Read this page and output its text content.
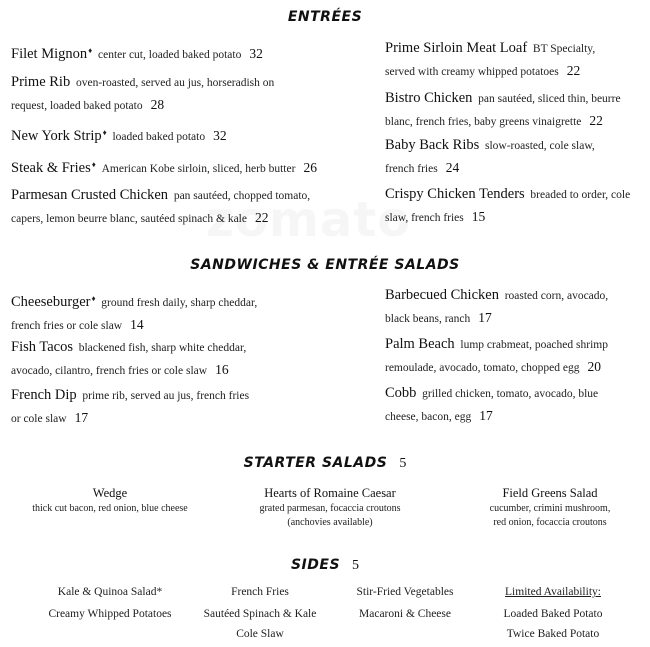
ENTRÉES
Filet Mignon♦ center cut, loaded baked potato 32
Prime Rib oven-roasted, served au jus, horseradish on request, loaded baked potato 28
New York Strip♦ loaded baked potato 32
Steak & Fries♦ American Kobe sirloin, sliced, herb butter 26
Parmesan Crusted Chicken pan sautéed, chopped tomato, capers, lemon beurre blanc, sautéed spinach & kale 22
Prime Sirloin Meat Loaf BT Specialty, served with creamy whipped potatoes 22
Bistro Chicken pan sautéed, sliced thin, beurre blanc, french fries, baby greens vinaigrette 22
Baby Back Ribs slow-roasted, cole slaw, french fries 24
Crispy Chicken Tenders breaded to order, cole slaw, french fries 15
SANDWICHES & ENTRÉE SALADS
Cheeseburger♦ ground fresh daily, sharp cheddar, french fries or cole slaw 14
Fish Tacos blackened fish, sharp white cheddar, avocado, cilantro, french fries or cole slaw 16
French Dip prime rib, served au jus, french fries or cole slaw 17
Barbecued Chicken roasted corn, avocado, black beans, ranch 17
Palm Beach lump crabmeat, poached shrimp remoulade, avocado, tomato, chopped egg 20
Cobb grilled chicken, tomato, avocado, blue cheese, bacon, egg 17
STARTER SALADS 5
Wedge
thick cut bacon, red onion, blue cheese
Hearts of Romaine Caesar
grated parmesan, focaccia croutons
(anchovies available)
Field Greens Salad
cucumber, crimini mushroom,
red onion, focaccia croutons
SIDES 5
Kale & Quinoa Salad*
Creamy Whipped Potatoes
French Fries
Sautéed Spinach & Kale
Cole Slaw
Stir-Fried Vegetables
Macaroni & Cheese
Limited Availability:
Loaded Baked Potato
Twice Baked Potato
